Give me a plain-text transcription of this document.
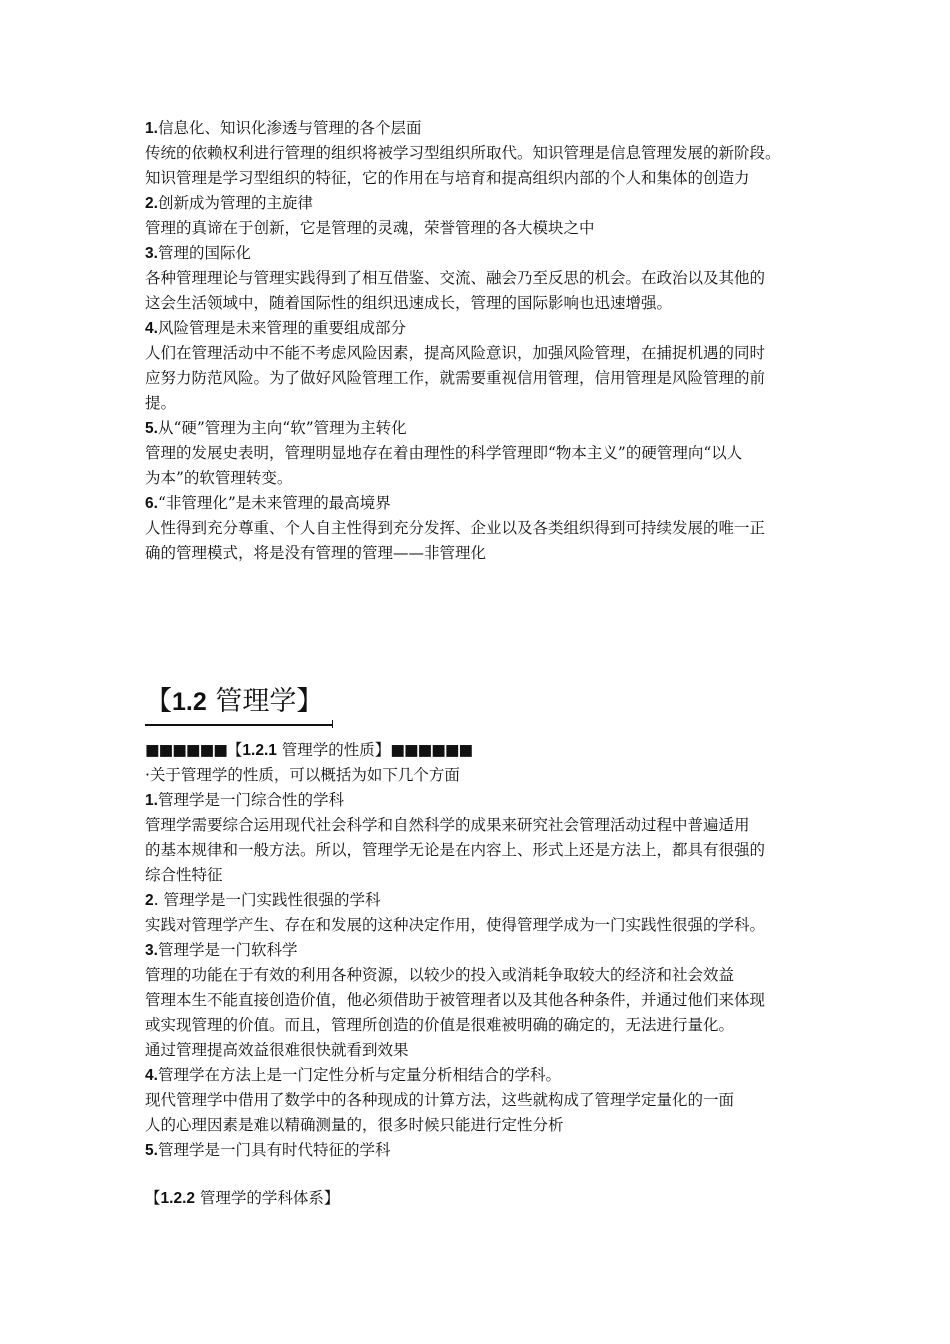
1.信息化、知识化渗透与管理的各个层面
传统的依赖权利进行管理的组织将被学习型组织所取代。知识管理是信息管理发展的新阶段。
知识管理是学习型组织的特征，它的作用在与培育和提高组织内部的个人和集体的创造力
2.创新成为管理的主旋律
管理的真谛在于创新，它是管理的灵魂，荣誉管理的各大模块之中
3.管理的国际化
各种管理理论与管理实践得到了相互借鉴、交流、融会乃至反思的机会。在政治以及其他的
这会生活领域中，随着国际性的组织迅速成长，管理的国际影响也迅速增强。
4.风险管理是未来管理的重要组成部分
人们在管理活动中不能不考虑风险因素，提高风险意识，加强风险管理，在捕捉机遇的同时
应努力防范风险。为了做好风险管理工作，就需要重视信用管理，信用管理是风险管理的前
提。
5.从“硬”管理为主向“软”管理为主转化
管理的发展史表明，管理明显地存在着由理性的科学管理即“物本主义”的硬管理向“以人
为本”的软管理转变。
6.“非管理化”是未来管理的最高境界
人性得到充分尊重、个人自主性得到充分发挥、企业以及各类组织得到可持续发展的唯一正
确的管理模式，将是没有管理的管理——非管理化
【1.2 管理学】
■■■■■■【1.2.1 管理学的性质】■■■■■■
·关于管理学的性质，可以概括为如下几个方面
1.管理学是一门综合性的学科
管理学需要综合运用现代社会科学和自然科学的成果来研究社会管理活动过程中普遍适用
的基本规律和一般方法。所以，管理学无论是在内容上、形式上还是方法上，都具有很强的
综合性特征
2. 管理学是一门实践性很强的学科
实践对管理学产生、存在和发展的这种决定作用，使得管理学成为一门实践性很强的学科。
3.管理学是一门软科学
管理的功能在于有效的利用各种资源，以较少的投入或消耗争取较大的经济和社会效益
管理本生不能直接创造价值，他必须借助于被管理者以及其他各种条件，并通过他们来体现
或实现管理的价值。而且，管理所创造的价值是很难被明确的确定的，无法进行量化。
通过管理提高效益很难很快就看到效果
4.管理学在方法上是一门定性分析与定量分析相结合的学科。
现代管理学中借用了数学中的各种现成的计算方法，这些就构成了管理学定量化的一面
人的心理因素是难以精确测量的，很多时候只能进行定性分析
5.管理学是一门具有时代特征的学科
【1.2.2 管理学的学科体系】
